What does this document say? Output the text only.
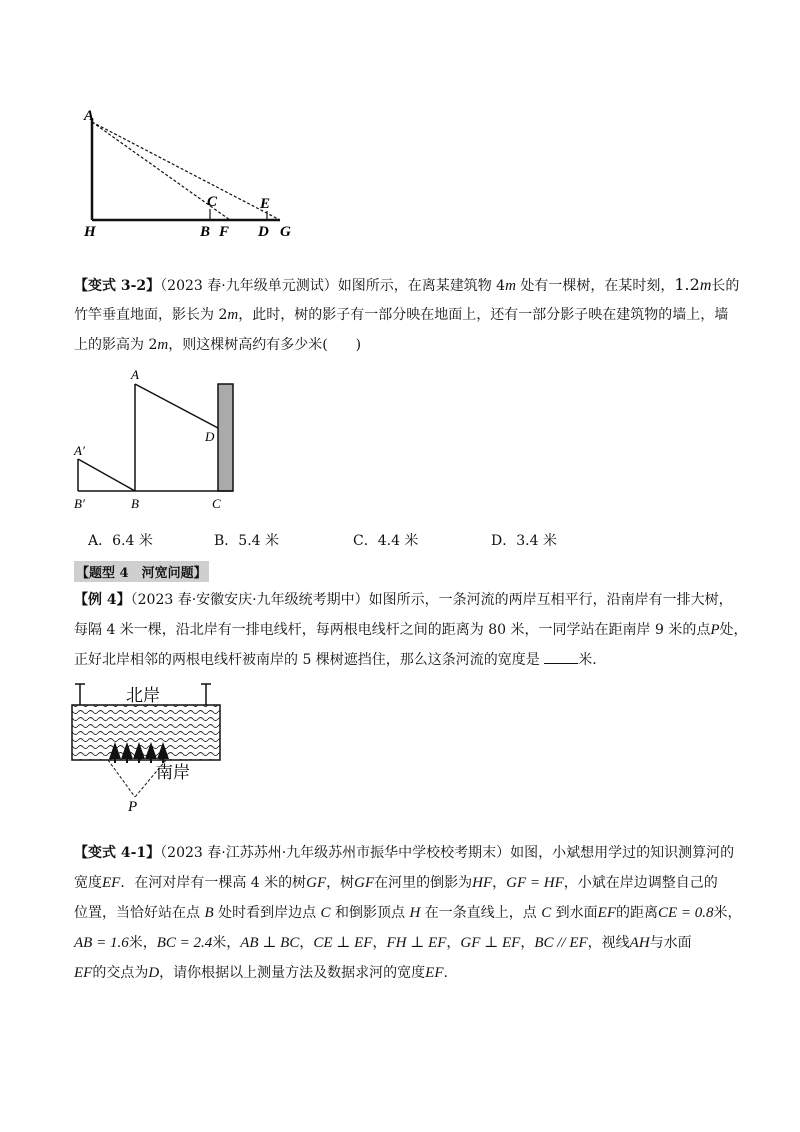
A
C	E
H	B F D G
【变式 3-2】（2023 春·九年级单元测试）如图所示，在离某建筑物 4m 处有一棵树，在某时刻，1.2m长的
竹竿垂直地面，影长为 2m，此时，树的影子有一部分映在地面上，还有一部分影子映在建筑物的墙上，墙
上的影高为 2m，则这棵树高约有多少米(　　)
A
A′
D
B′	B	C
A．6.4 米	B．5.4 米	C．4.4 米	D．3.4 米
【题型 4　河宽问题】
【例 4】（2023 春·安徽安庆·九年级统考期中）如图所示，一条河流的两岸互相平行，沿南岸有一排大树，
每隔 4 米一棵，沿北岸有一排电线杆，每两根电线杆之间的距离为 80 米，一同学站在距南岸 9 米的点P处，
正好北岸相邻的两根电线杆被南岸的 5 棵树遮挡住，那么这条河流的宽度是	米.
北岸
南岸
P
【变式 4-1】（2023 春·江苏苏州·九年级苏州市振华中学校校考期末）如图，小斌想用学过的知识测算河的
宽度EF．在河对岸有一棵高 4 米的树GF，树GF在河里的倒影为HF，GF = HF，小斌在岸边调整自己的
位置，当恰好站在点 B 处时看到岸边点 C 和倒影顶点 H 在一条直线上，点 C 到水面EF的距离CE = 0.8米，
AB = 1.6米，BC = 2.4米，AB ⊥ BC，CE ⊥ EF，FH ⊥ EF，GF ⊥ EF，BC // EF，视线AH与水面
EF的交点为D，请你根据以上测量方法及数据求河的宽度EF.
